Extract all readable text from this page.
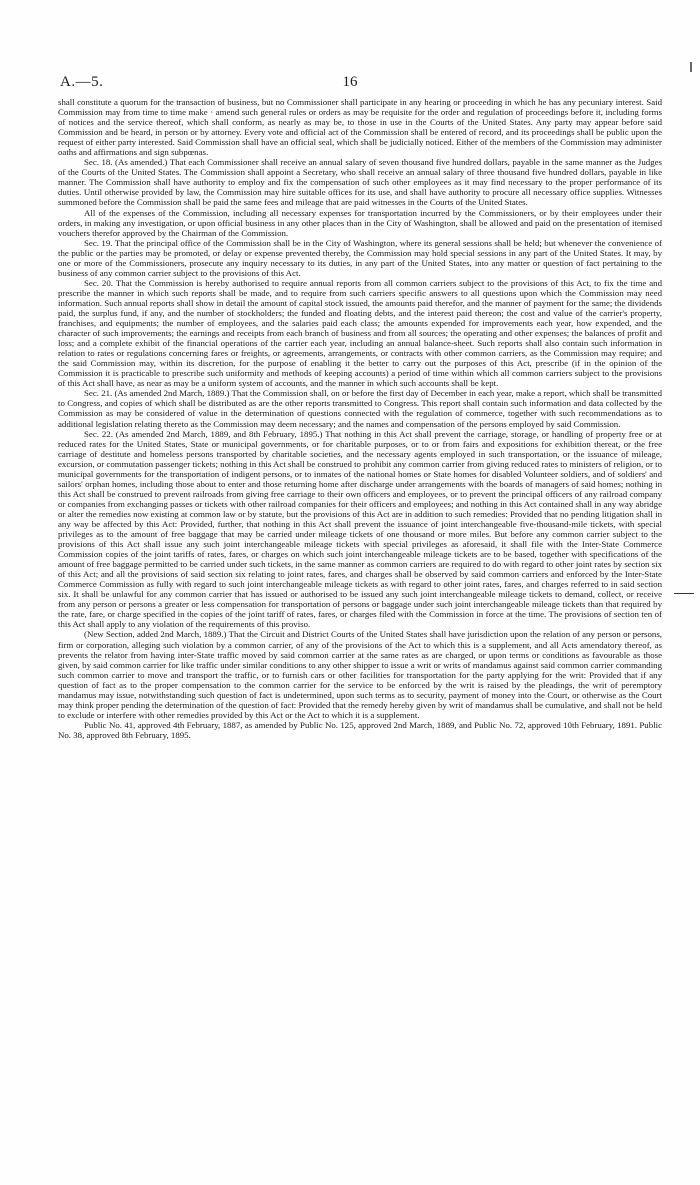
A.—5.	16

shall constitute a quorum for the transaction of business, but no Commissioner shall participate in any hearing or proceeding in which he has any pecuniary interest. Said Commission may from time to time make · amend such general rules or orders as may be requisite for the order and regulation of proceedings before it, including forms of notices and the service thereof, which shall conform, as nearly as may be, to those in use in the Courts of the United States. Any party may appear before said Commission and be heard, in person or by attorney. Every vote and official act of the Commission shall be entered of record, and its proceedings shall be public upon the request of either party interested. Said Commission shall have an official seal, which shall be judicially noticed. Either of the members of the Commission may administer oaths and affirmations and sign subpœnas.

Sec. 18. (As amended.) That each Commissioner shall receive an annual salary of seven thousand five hundred dollars, payable in the same manner as the Judges of the Courts of the United States. The Commission shall appoint a Secretary, who shall receive an annual salary of three thousand five hundred dollars, payable in like manner. The Commission shall have authority to employ and fix the compensation of such other employees as it may find necessary to the proper performance of its duties. Until otherwise provided by law, the Commission may hire suitable offices for its use, and shall have authority to procure all necessary office supplies. Witnesses summoned before the Commission shall be paid the same fees and mileage that are paid witnesses in the Courts of the United States.

All of the expenses of the Commission, including all necessary expenses for transportation incurred by the Commissioners, or by their employees under their orders, in making any investigation, or upon official business in any other places than in the City of Washington, shall be allowed and paid on the presentation of itemised vouchers therefor approved by the Chairman of the Commission.

Sec. 19. That the principal office of the Commission shall be in the City of Washington, where its general sessions shall be held; but whenever the convenience of the public or the parties may be promoted, or delay or expense prevented thereby, the Commission may hold special sessions in any part of the United States. It may, by one or more of the Commissioners, prosecute any inquiry necessary to its duties, in any part of the United States, into any matter or question of fact pertaining to the business of any common carrier subject to the provisions of this Act.

Sec. 20. That the Commission is hereby authorised to require annual reports from all common carriers subject to the provisions of this Act, to fix the time and prescribe the manner in which such reports shall be made, and to require from such carriers specific answers to all questions upon which the Commission may need information. Such annual reports shall show in detail the amount of capital stock issued, the amounts paid therefor, and the manner of payment for the same; the dividends paid, the surplus fund, if any, and the number of stockholders; the funded and floating debts, and the interest paid thereon; the cost and value of the carrier's property, franchises, and equipments; the number of employees, and the salaries paid each class; the amounts expended for improvements each year, how expended, and the character of such improvements; the earnings and receipts from each branch of business and from all sources; the operating and other expenses; the balances of profit and loss; and a complete exhibit of the financial operations of the carrier each year, including an annual balance-sheet. Such reports shall also contain such information in relation to rates or regulations concerning fares or freights, or agreements, arrangements, or contracts with other common carriers, as the Commission may require; and the said Commission may, within its discretion, for the purpose of enabling it the better to carry out the purposes of this Act, prescribe (if in the opinion of the Commission it is practicable to prescribe such uniformity and methods of keeping accounts) a period of time within which all common carriers subject to the provisions of this Act shall have, as near as may be a uniform system of accounts, and the manner in which such accounts shall be kept.

Sec. 21. (As amended 2nd March, 1889.) That the Commission shall, on or before the first day of December in each year, make a report, which shall be transmitted to Congress, and copies of which shall be distributed as are the other reports transmitted to Congress. This report shall contain such information and data collected by the Commission as may be considered of value in the determination of questions connected with the regulation of commerce, together with such recommendations as to additional legislation relating thereto as the Commission may deem necessary; and the names and compensation of the persons employed by said Commission.

Sec. 22. (As amended 2nd March, 1889, and 8th February, 1895.) That nothing in this Act shall prevent the carriage, storage, or handling of property free or at reduced rates for the United States, State or municipal governments, or for charitable purposes, or to or from fairs and expositions for exhibition thereat, or the free carriage of destitute and homeless persons transported by charitable societies, and the necessary agents employed in such transportation, or the issuance of mileage, excursion, or commutation passenger tickets; nothing in this Act shall be construed to prohibit any common carrier from giving reduced rates to ministers of religion, or to municipal governments for the transportation of indigent persons, or to inmates of the national homes or State homes for disabled Volunteer soldiers, and of soldiers' and sailors' orphan homes, including those about to enter and those returning home after discharge under arrangements with the boards of managers of said homes; nothing in this Act shall be construed to prevent railroads from giving free carriage to their own officers and employees, or to prevent the principal officers of any railroad company or companies from exchanging passes or tickets with other railroad companies for their officers and employees; and nothing in this Act contained shall in any way abridge or alter the remedies now existing at common law or by statute, but the provisions of this Act are in addition to such remedies: Provided that no pending litigation shall in any way be affected by this Act: Provided, further, that nothing in this Act shall prevent the issuance of joint interchangeable five-thousand-mile tickets, with special privileges as to the amount of free baggage that may be carried under mileage tickets of one thousand or more miles. But before any common carrier subject to the provisions of this Act shall issue any such joint interchangeable mileage tickets with special privileges as aforesaid, it shall file with the Inter-State Commerce Commission copies of the joint tariffs of rates, fares, or charges on which such joint interchangeable mileage tickets are to be based, together with specifications of the amount of free baggage permitted to be carried under such tickets, in the same manner as common carriers are required to do with regard to other joint rates by section six of this Act; and all the provisions of said section six relating to joint rates, fares, and charges shall be observed by said common carriers and enforced by the Inter-State Commerce Commission as fully with regard to such joint interchangeable mileage tickets as with regard to other joint rates, fares, and charges referred to in said section six. It shall be unlawful for any common carrier that has issued or authorised to be issued any such joint interchangeable mileage tickets to demand, collect, or receive from any person or persons a greater or less compensation for transportation of persons or baggage under such joint interchangeable mileage tickets than that required by the rate, fare, or charge specified in the copies of the joint tariff of rates, fares, or charges filed with the Commission in force at the time. The provisions of section ten of this Act shall apply to any violation of the requirements of this proviso.

(New Section, added 2nd March, 1889.) That the Circuit and District Courts of the United States shall have jurisdiction upon the relation of any person or persons, firm or corporation, alleging such violation by a common carrier, of any of the provisions of the Act to which this is a supplement, and all Acts amendatory thereof, as prevents the relator from having inter-State traffic moved by said common carrier at the same rates as are charged, or upon terms or conditions as favourable as those given, by said common carrier for like traffic under similar conditions to any other shipper to issue a writ or writs of mandamus against said common carrier commanding such common carrier to move and transport the traffic, or to furnish cars or other facilities for transportation for the party applying for the writ: Provided that if any question of fact as to the proper compensation to the common carrier for the service to be enforced by the writ is raised by the pleadings, the writ of peremptory mandamus may issue, notwithstanding such question of fact is undetermined, upon such terms as to security, payment of money into the Court, or otherwise as the Court may think proper pending the determination of the question of fact: Provided that the remedy hereby given by writ of mandamus shall be cumulative, and shall not be held to exclude or interfere with other remedies provided by this Act or the Act to which it is a supplement.

Public No. 41, approved 4th February, 1887, as amended by Public No. 125, approved 2nd March, 1889, and Public No. 72, approved 10th February, 1891. Public No. 38, approved 8th February, 1895.
